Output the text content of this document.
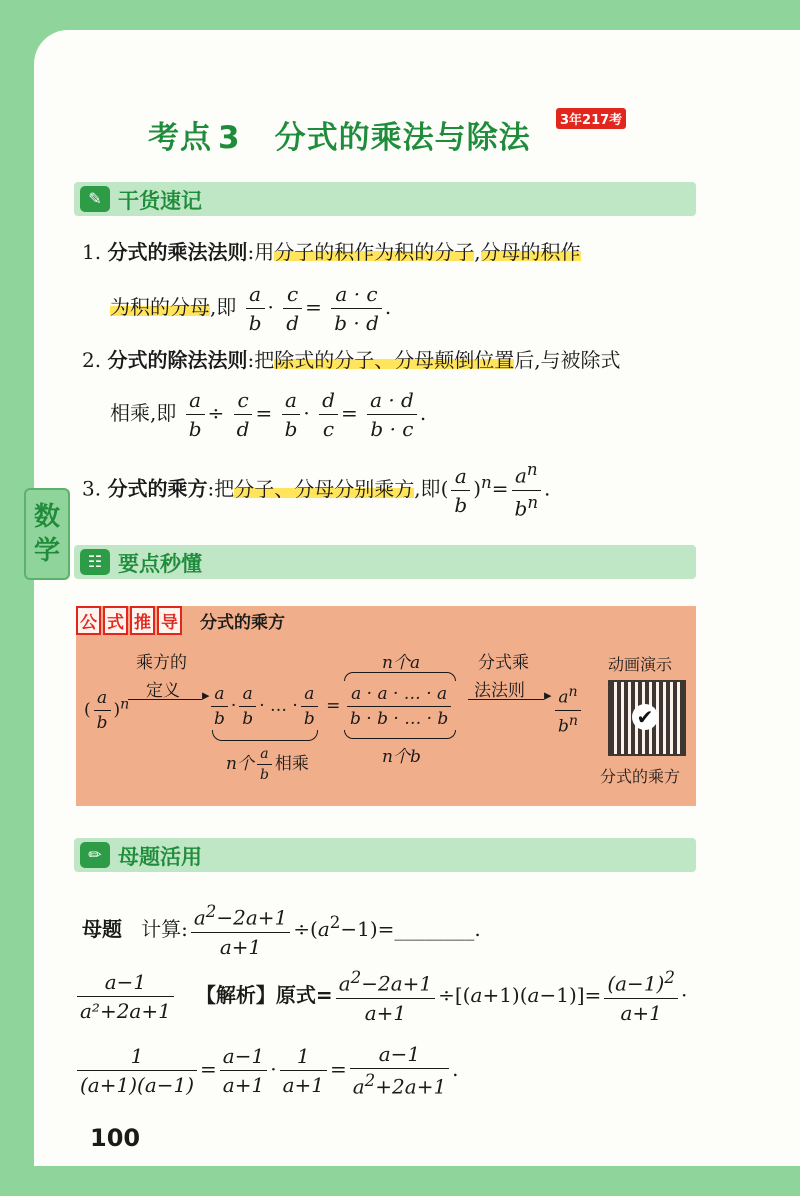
数
学
考点 3 分式的乘法与除法	3年217考
✎ 干货速记
1. 分式的乘法法则:用分子的积作为积的分子,分母的积作
为积的分母,即 $\frac{a}{b} \cdot \frac{c}{d} = \frac{a \cdot c}{b \cdot d}$ .
2. 分式的除法法则:把除式的分子、分母颠倒位置后,与被除式
相乘,即 $\frac{a}{b} \div \frac{c}{d} = \frac{a}{b} \cdot \frac{d}{c} = \frac{a \cdot d}{b \cdot c}$ .
3. 分式的乘方:把分子、分母分别乘方,即( $\frac{a}{b} )^n= \frac{a^n}{b^n}$ .
☷ 要点秒懂
公 式 推 导	分式的乘方
乘方的
定义
( $\frac{a}{b} )^n$
▸ $\frac{a}{b} \cdot \frac{a}{b}$ · … · $\frac{a}{b}$ =
n个 $\frac{a}{b}$ 相乘
n个a
$\frac{a \cdot a \cdot \dots \cdot a}{b \cdot b \cdot \dots \cdot b}$
n个b
分式乘
法法则 ▸ $\frac{a^n}{b^n}$
动画演示
✔
分式的乘方
✏ 母题活用
母题 计算: $\frac{a^2-2a+1}{a+1}$ $\div(a^2-1)=\_\_\_\_\_\_\_\_$.
$\frac{a-1}{\text{a²+2a+1}}$ 【解析】原式= $\frac{a^2-2a+1}{a+1} \div[(a+1)(a-1)]= \frac{(a-1)^2}{a+1}$ ·
$\frac{1}{(a+1)(a-1)} = \frac{a-1}{a+1} \cdot \frac{1}{a+1} = \frac{a-1}{a^2+2a+1}$ .
100
